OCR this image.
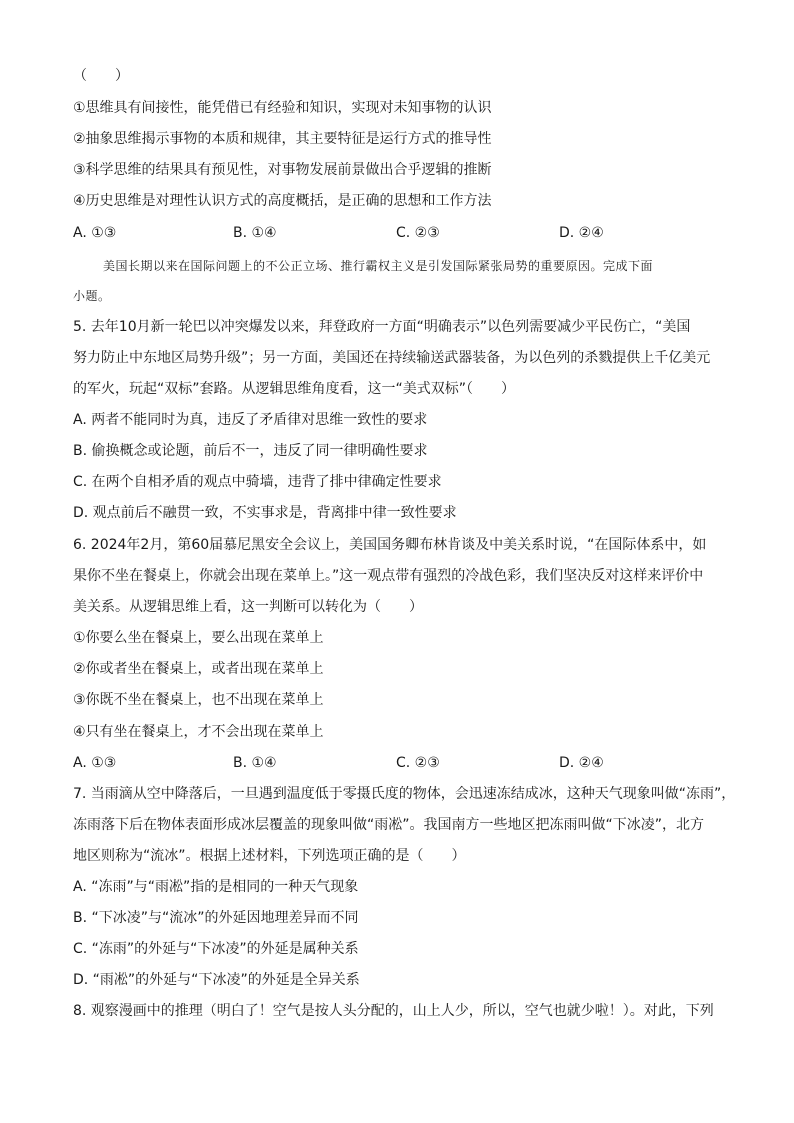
（　　）
①思维具有间接性，能凭借已有经验和知识，实现对未知事物的认识
②抽象思维揭示事物的本质和规律，其主要特征是运行方式的推导性
③科学思维的结果具有预见性，对事物发展前景做出合乎逻辑的推断
④历史思维是对理性认识方式的高度概括，是正确的思想和工作方法
A. ①③	B. ①④	C. ②③	D. ②④
美国长期以来在国际问题上的不公正立场、推行霸权主义是引发国际紧张局势的重要原因。完成下面
小题。
5. 去年10月新一轮巴以冲突爆发以来，拜登政府一方面“明确表示”以色列需要减少平民伤亡，“美国
努力防止中东地区局势升级”；另一方面，美国还在持续输送武器装备，为以色列的杀戮提供上千亿美元
的军火，玩起“双标”套路。从逻辑思维角度看，这一“美式双标”（　　）
A. 两者不能同时为真，违反了矛盾律对思维一致性的要求
B. 偷换概念或论题，前后不一，违反了同一律明确性要求
C. 在两个自相矛盾的观点中骑墙，违背了排中律确定性要求
D. 观点前后不融贯一致，不实事求是，背离排中律一致性要求
6. 2024年2月，第60届慕尼黑安全会议上，美国国务卿布林肯谈及中美关系时说，“在国际体系中，如
果你不坐在餐桌上，你就会出现在菜单上。”这一观点带有强烈的冷战色彩，我们坚决反对这样来评价中
美关系。从逻辑思维上看，这一判断可以转化为（　　）
①你要么坐在餐桌上，要么出现在菜单上
②你或者坐在餐桌上，或者出现在菜单上
③你既不坐在餐桌上，也不出现在菜单上
④只有坐在餐桌上，才不会出现在菜单上
A. ①③	B. ①④	C. ②③	D. ②④
7. 当雨滴从空中降落后，一旦遇到温度低于零摄氏度的物体，会迅速冻结成冰，这种天气现象叫做“冻雨”，
冻雨落下后在物体表面形成冰层覆盖的现象叫做“雨凇”。我国南方一些地区把冻雨叫做“下冰凌”，北方
地区则称为“流冰”。根据上述材料，下列选项正确的是（　　）
A. “冻雨”与“雨凇”指的是相同的一种天气现象
B. “下冰凌”与“流冰”的外延因地理差异而不同
C. “冻雨”的外延与“下冰凌”的外延是属种关系
D. “雨凇”的外延与“下冰凌”的外延是全异关系
8. 观察漫画中的推理（明白了！空气是按人头分配的，山上人少，所以，空气也就少啦！）。对此，下列
